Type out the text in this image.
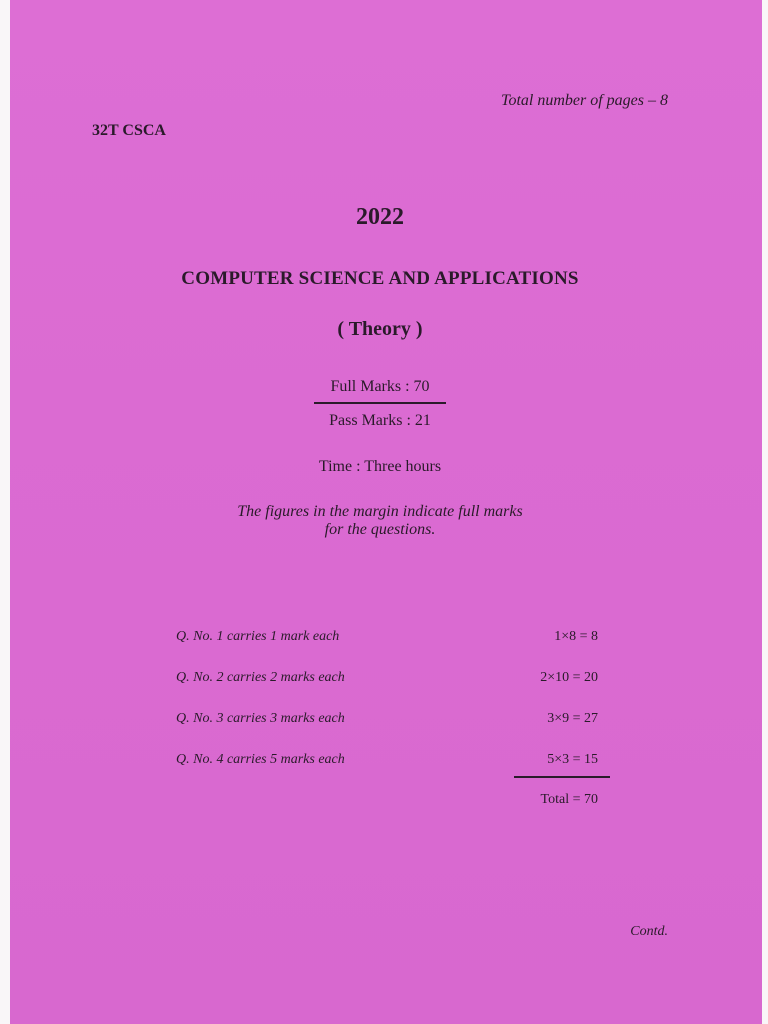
Total number of pages – 8
32T CSCA
2022
COMPUTER SCIENCE AND APPLICATIONS
( Theory )
Full Marks : 70
Pass Marks : 21
Time : Three hours
The figures in the margin indicate full marks
for the questions.
Q. No. 1 carries 1 mark each	1×8 = 8
Q. No. 2 carries 2 marks each	2×10 = 20
Q. No. 3 carries 3 marks each	3×9 = 27
Q. No. 4 carries 5 marks each	5×3 = 15
Total = 70
Contd.
